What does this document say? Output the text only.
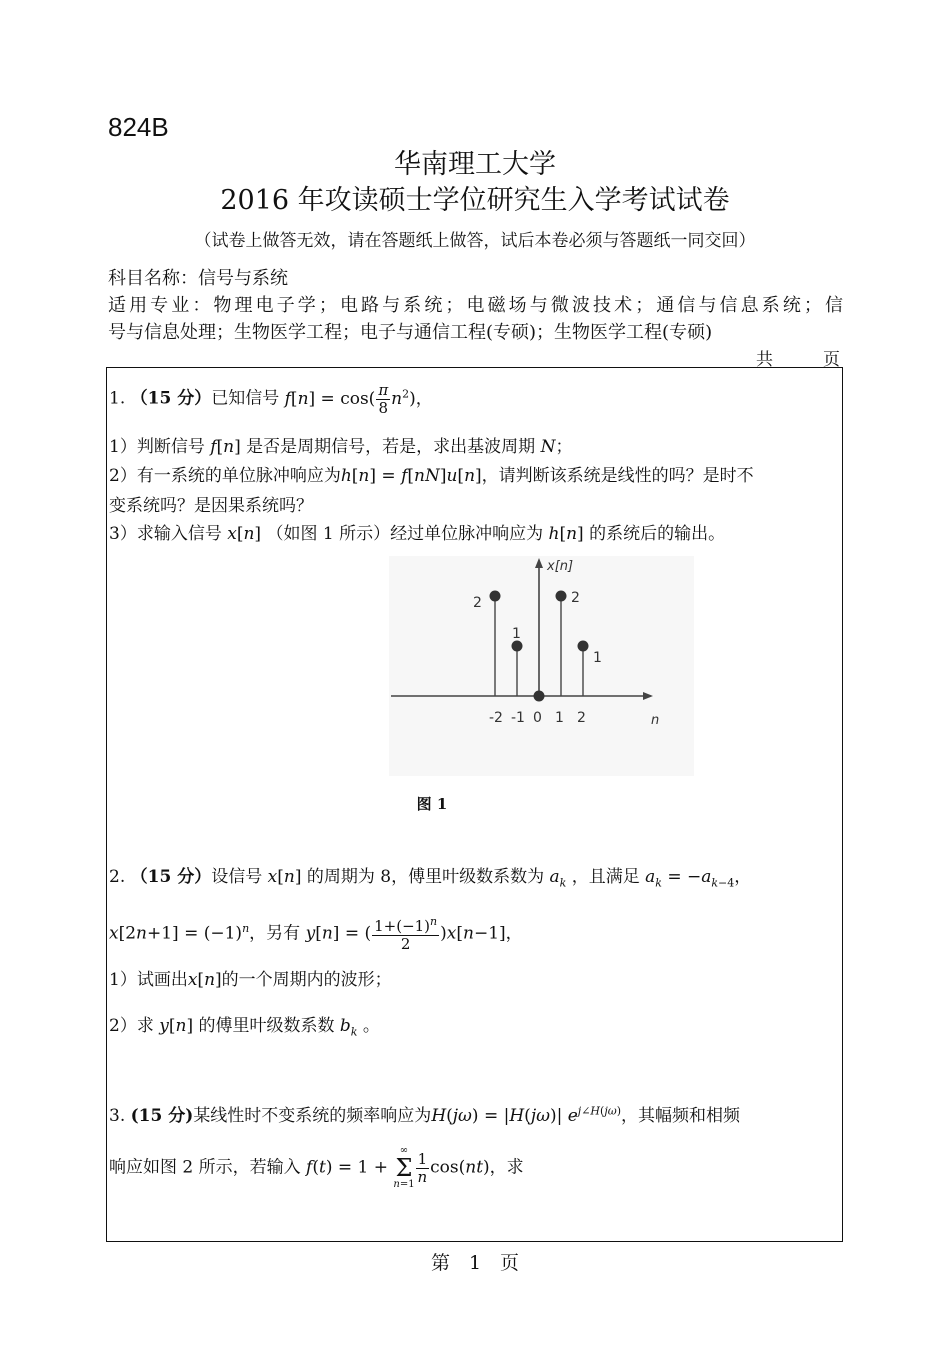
824B
华南理工大学
2016 年攻读硕士学位研究生入学考试试卷
（试卷上做答无效，请在答题纸上做答，试后本卷必须与答题纸一同交回）
科目名称：信号与系统
适用专业：物理电子学；电路与系统；电磁场与微波技术；通信与信息系统；信
号与信息处理；生物医学工程；电子与通信工程(专硕)；生物医学工程(专硕)
共	页
1. （15 分）已知信号 $f[n] = \cos( \frac{\pi}{8} n^2)$，
1）判断信号 f[n] 是否是周期信号，若是，求出基波周期 N；
2）有一系统的单位脉冲响应为h[n] = f[nN]u[n]，请判断该系统是线性的吗？是时不
变系统吗？是因果系统吗？
3）求输入信号 x[n] （如图 1 所示）经过单位脉冲响应为 h[n] 的系统后的输出。
x[n]
n
-2
2
-1
1
0 1
2
2
1
图 1
2. （15 分）设信号 x[n] 的周期为 8，傅里叶级数系数为 $a_k$ ，且满足 $a_k = -a_{k-4}$，
$x[2n+1] = (-1)^n$，另有 y[n] = ( $\frac{1+(-1)^n}{2} )x[n-1]$，
1）试画出x[n]的一个周期内的波形；
2）求 y[n] 的傅里叶级数系数 $b_k$ 。
3. (15 分)某线性时不变系统的频率响应为H(jω) = |H(jω)| $e^{j\angle H(j\omega)}$，其幅频和相频
响应如图 2 所示，若输入 f(t) = 1 + ∞
Σ
$n=1 \frac{1}{n} \cos(nt)$，求
第　1　页
